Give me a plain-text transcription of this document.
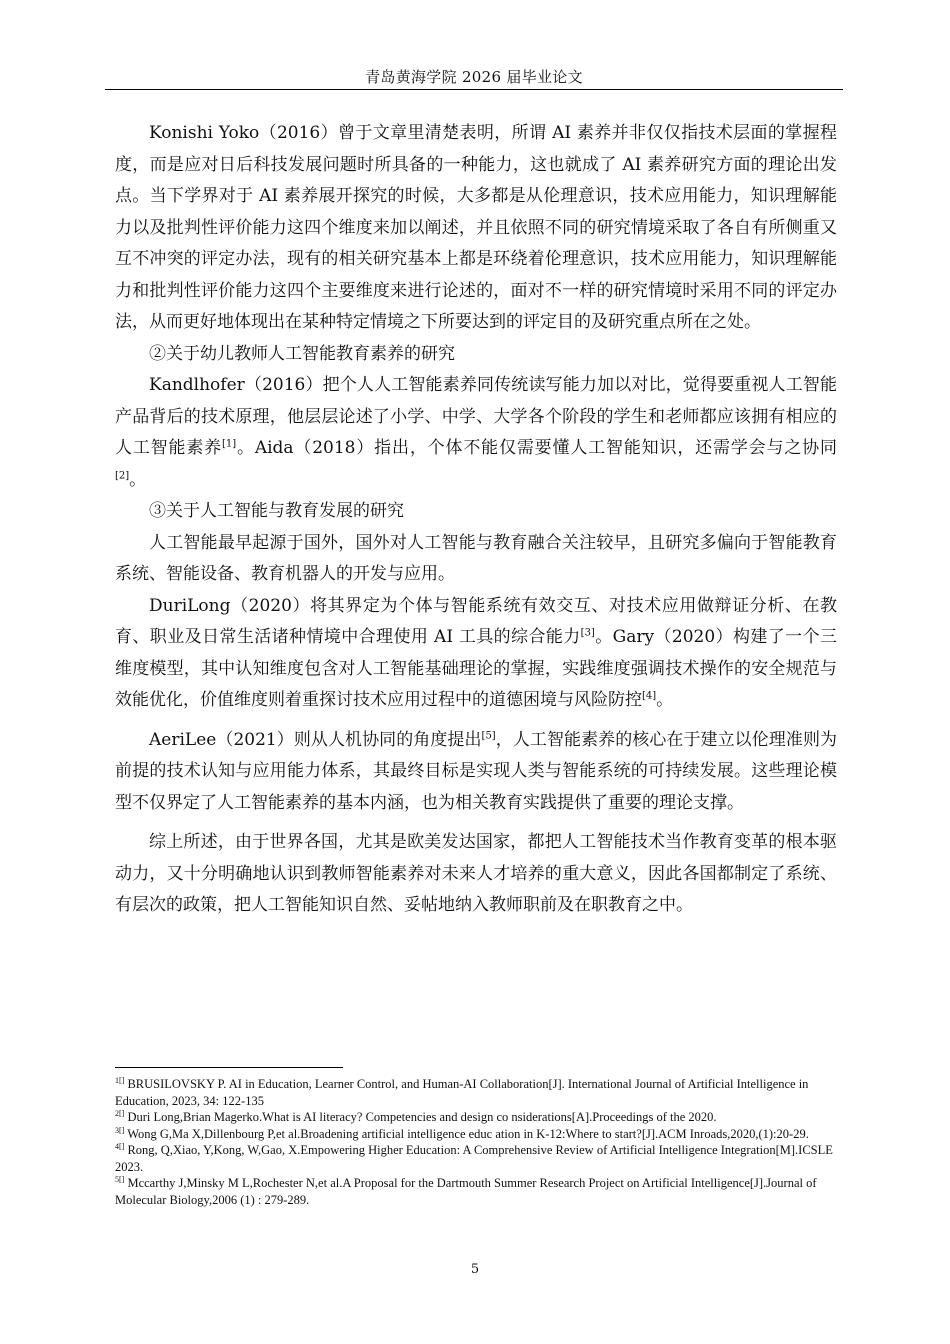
青岛黄海学院 2026 届毕业论文

Konishi Yoko（2016）曾于文章里清楚表明，所谓 AI 素养并非仅仅指技术层面的掌握程度，而是应对日后科技发展问题时所具备的一种能力，这也就成了 AI 素养研究方面的理论出发点。当下学界对于 AI 素养展开探究的时候，大多都是从伦理意识，技术应用能力，知识理解能力以及批判性评价能力这四个维度来加以阐述，并且依照不同的研究情境采取了各自有所侧重又互不冲突的评定办法，现有的相关研究基本上都是环绕着伦理意识，技术应用能力，知识理解能力和批判性评价能力这四个主要维度来进行论述的，面对不一样的研究情境时采用不同的评定办法，从而更好地体现出在某种特定情境之下所要达到的评定目的及研究重点所在之处。

②关于幼儿教师人工智能教育素养的研究

Kandlhofer（2016）把个人人工智能素养同传统读写能力加以对比，觉得要重视人工智能产品背后的技术原理，他层层论述了小学、中学、大学各个阶段的学生和老师都应该拥有相应的人工智能素养[1]。Aida（2018）指出，个体不能仅需要懂人工智能知识，还需学会与之协同[2]。

③关于人工智能与教育发展的研究

人工智能最早起源于国外，国外对人工智能与教育融合关注较早，且研究多偏向于智能教育系统、智能设备、教育机器人的开发与应用。

DuriLong（2020）将其界定为个体与智能系统有效交互、对技术应用做辩证分析、在教育、职业及日常生活诸种情境中合理使用 AI 工具的综合能力[3]。Gary（2020）构建了一个三维度模型，其中认知维度包含对人工智能基础理论的掌握，实践维度强调技术操作的安全规范与效能优化，价值维度则着重探讨技术应用过程中的道德困境与风险防控[4]。

AeriLee（2021）则从人机协同的角度提出[5]，人工智能素养的核心在于建立以伦理准则为前提的技术认知与应用能力体系，其最终目标是实现人类与智能系统的可持续发展。这些理论模型不仅界定了人工智能素养的基本内涵，也为相关教育实践提供了重要的理论支撑。

综上所述，由于世界各国，尤其是欧美发达国家，都把人工智能技术当作教育变革的根本驱动力，又十分明确地认识到教师智能素养对未来人才培养的重大意义，因此各国都制定了系统、有层次的政策，把人工智能知识自然、妥帖地纳入教师职前及在职教育之中。

$^{1[]}$ BRUSILOVSKY P. AI in Education, Learner Control, and Human-AI Collaboration[J]. International Journal of Artificial Intelligence in Education, 2023, 34: 122-135

$^{2[]}$ Duri Long,Brian Magerko.What is AI literacy? Competencies and design co nsiderations[A].Proceedings of the 2020.

$^{3[]}$ Wong G,Ma X,Dillenbourg P,et al.Broadening artificial intelligence educ ation in K-12:Where to start?[J].ACM Inroads,2020,(1):20-29.

$^{4[]}$ Rong, Q,Xiao, Y,Kong, W,Gao, X.Empowering Higher Education: A Comprehensive Review of Artificial Intelligence Integration[M].ICSLE 2023.

$^{5[]}$ Mccarthy J,Minsky M L,Rochester N,et al.A Proposal for the Dartmouth Summer Research Project on Artificial Intelligence[J].Journal of Molecular Biology,2006 (1) : 279-289.

5
